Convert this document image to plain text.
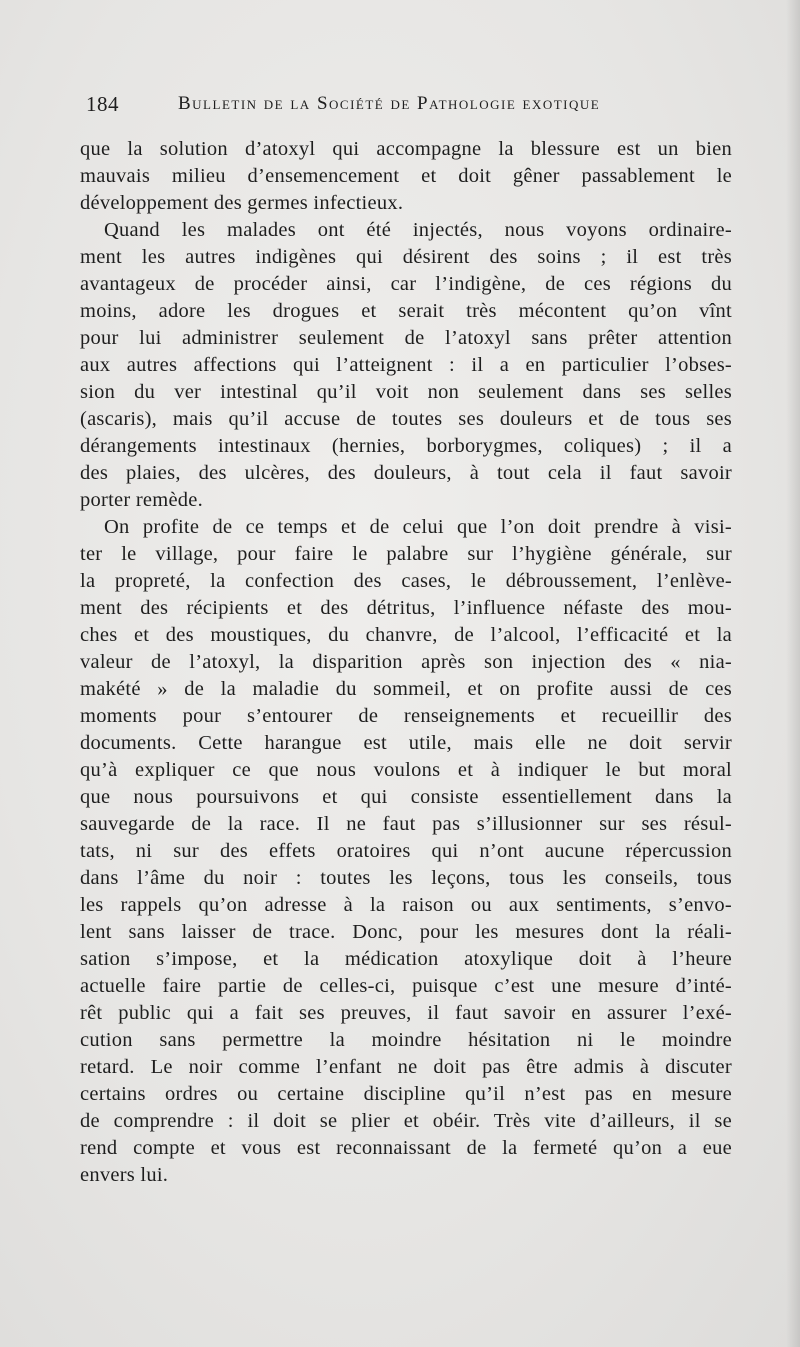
184	Bulletin de la Société de Pathologie exotique
que la solution d’atoxyl qui accompagne la blessure est un bien
mauvais milieu d’ensemencement et doit gêner passablement le
développement des germes infectieux.
Quand les malades ont été injectés, nous voyons ordinaire-
ment les autres indigènes qui désirent des soins ; il est très
avantageux de procéder ainsi, car l’indigène, de ces régions du
moins, adore les drogues et serait très mécontent qu’on vînt
pour lui administrer seulement de l’atoxyl sans prêter attention
aux autres affections qui l’atteignent : il a en particulier l’obses-
sion du ver intestinal qu’il voit non seulement dans ses selles
(ascaris), mais qu’il accuse de toutes ses douleurs et de tous ses
dérangements intestinaux (hernies, borborygmes, coliques) ; il a
des plaies, des ulcères, des douleurs, à tout cela il faut savoir
porter remède.
On profite de ce temps et de celui que l’on doit prendre à visi-
ter le village, pour faire le palabre sur l’hygiène générale, sur
la propreté, la confection des cases, le débroussement, l’enlève-
ment des récipients et des détritus, l’influence néfaste des mou-
ches et des moustiques, du chanvre, de l’alcool, l’efficacité et la
valeur de l’atoxyl, la disparition après son injection des « nia-
makété » de la maladie du sommeil, et on profite aussi de ces
moments pour s’entourer de renseignements et recueillir des
documents. Cette harangue est utile, mais elle ne doit servir
qu’à expliquer ce que nous voulons et à indiquer le but moral
que nous poursuivons et qui consiste essentiellement dans la
sauvegarde de la race. Il ne faut pas s’illusionner sur ses résul-
tats, ni sur des effets oratoires qui n’ont aucune répercussion
dans l’âme du noir : toutes les leçons, tous les conseils, tous
les rappels qu’on adresse à la raison ou aux sentiments, s’envo-
lent sans laisser de trace. Donc, pour les mesures dont la réali-
sation s’impose, et la médication atoxylique doit à l’heure
actuelle faire partie de celles-ci, puisque c’est une mesure d’inté-
rêt public qui a fait ses preuves, il faut savoir en assurer l’exé-
cution sans permettre la moindre hésitation ni le moindre
retard. Le noir comme l’enfant ne doit pas être admis à discuter
certains ordres ou certaine discipline qu’il n’est pas en mesure
de comprendre : il doit se plier et obéir. Très vite d’ailleurs, il se
rend compte et vous est reconnaissant de la fermeté qu’on a eue
envers lui.
